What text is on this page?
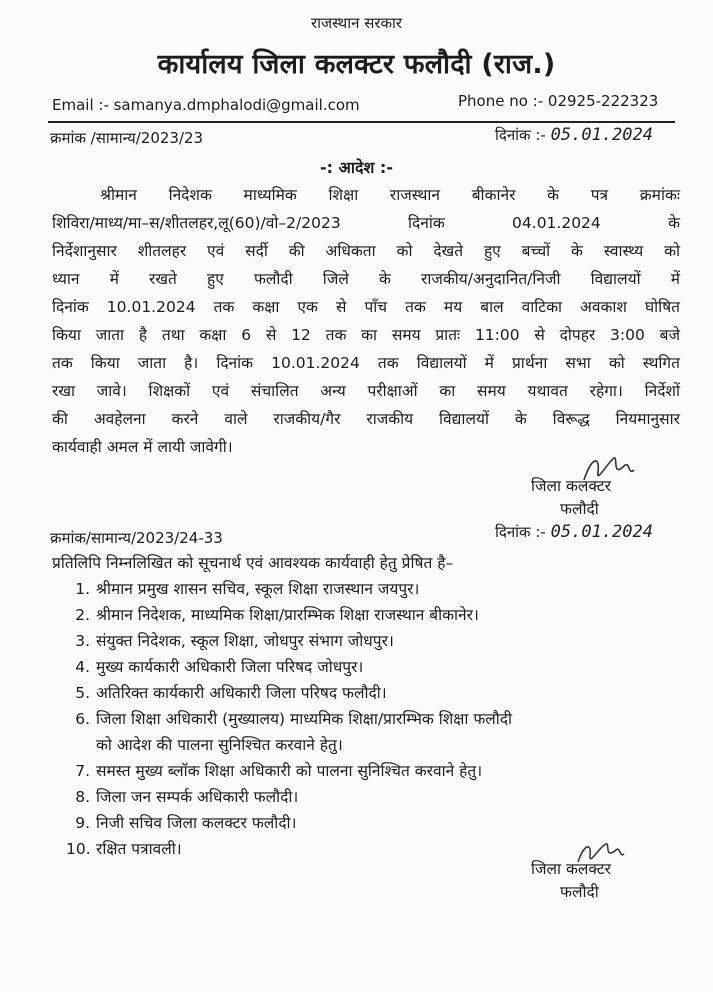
राजस्थान सरकार
कार्यालय जिला कलक्टर फलौदी (राज.)
Email :- samanya.dmphalodi@gmail.com	Phone no :- 02925-222323
क्रमांक /सामान्य/2023/23	दिनांक :- 05.01.2024
-: आदेश :-
श्रीमान निदेशक माध्यमिक शिक्षा राजस्थान बीकानेर के पत्र क्रमांकः
शिविरा/माध्य/मा–स/शीतलहर,लू(60)/वो–2/2023 दिनांक 04.01.2024 के
निर्देशानुसार शीतलहर एवं सर्दी की अधिकता को देखते हुए बच्चों के स्वास्थ्य को
ध्यान में रखते हुए फलौदी जिले के राजकीय/अनुदानित/निजी विद्यालयों में
दिनांक 10.01.2024 तक कक्षा एक से पाँच तक मय बाल वाटिका अवकाश घोषित
किया जाता है तथा कक्षा 6 से 12 तक का समय प्रातः 11:00 से दोपहर 3:00 बजे
तक किया जाता है। दिनांक 10.01.2024 तक विद्यालयों में प्रार्थना सभा को स्थगित
रखा जावे। शिक्षकों एवं संचालित अन्य परीक्षाओं का समय यथावत रहेगा। निर्देशों
की अवहेलना करने वाले राजकीय/गैर राजकीय विद्यालयों के विरूद्ध नियमानुसार
कार्यवाही अमल में लायी जावेगी।
जिला कलक्टर
फलौदी
क्रमांक/सामान्य/2023/24-33	दिनांक :- 05.01.2024
प्रतिलिपि निम्नलिखित को सूचनार्थ एवं आवश्यक कार्यवाही हेतु प्रेषित है–
1. श्रीमान प्रमुख शासन सचिव, स्कूल शिक्षा राजस्थान जयपुर।
2. श्रीमान निदेशक, माध्यमिक शिक्षा/प्रारम्भिक शिक्षा राजस्थान बीकानेर।
3. संयुक्त निदेशक, स्कूल शिक्षा, जोधपुर संभाग जोधपुर।
4. मुख्य कार्यकारी अधिकारी जिला परिषद जोधपुर।
5. अतिरिक्त कार्यकारी अधिकारी जिला परिषद फलौदी।
6. जिला शिक्षा अधिकारी (मुख्यालय) माध्यमिक शिक्षा/प्रारम्भिक शिक्षा फलौदी
को आदेश की पालना सुनिश्चित करवाने हेतु।
7. समस्त मुख्य ब्लॉक शिक्षा अधिकारी को पालना सुनिश्चित करवाने हेतु।
8. जिला जन सम्पर्क अधिकारी फलौदी।
9. निजी सचिव जिला कलक्टर फलौदी।
10. रक्षित पत्रावली।
जिला कलक्टर
फलौदी
